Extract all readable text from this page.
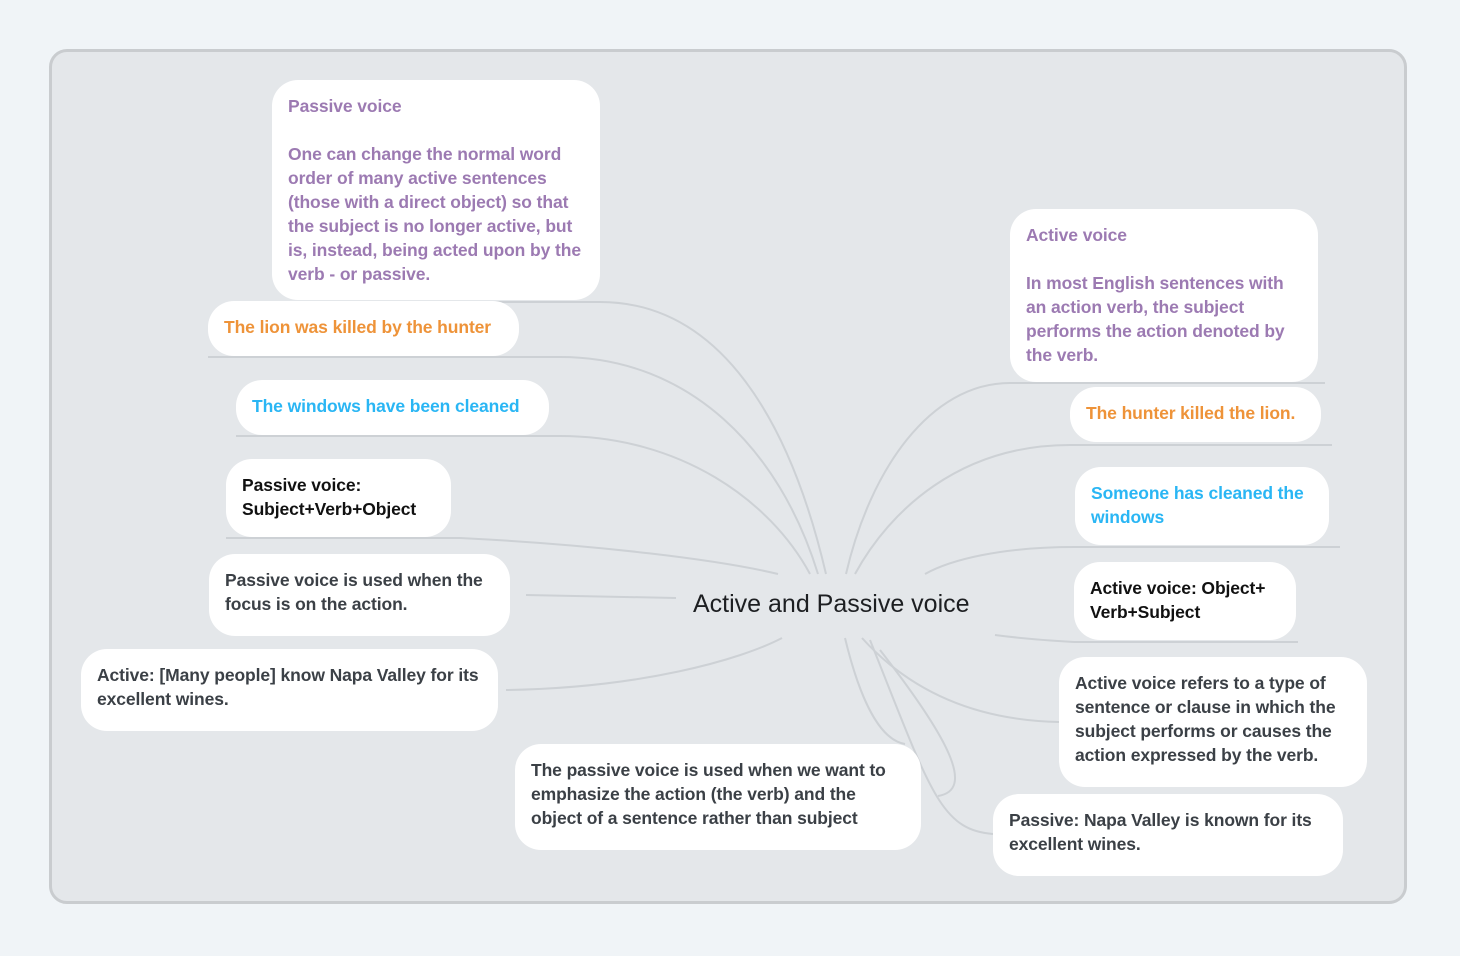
Active and Passive voice
Passive voice

One can change the normal word order of many active sentences (those with a direct object) so that the subject is no longer active, but is, instead, being acted upon by the verb - or passive.
The lion was killed by the hunter
The windows have been cleaned
Passive voice: Subject+Verb+Object
Passive voice is used when the focus is on the action.
Active: [Many people] know Napa Valley for its excellent wines.
The passive voice is used when we want to emphasize the action (the verb) and the object of a sentence rather than subject
Active voice

In most English sentences with an action verb, the subject performs the action denoted by the verb.
The hunter killed the lion.
Someone has cleaned the windows
Active voice: Object+ Verb+Subject
Active voice refers to a type of sentence or clause in which the subject performs or causes the action expressed by the verb.
Passive: Napa Valley is known for its excellent wines.
